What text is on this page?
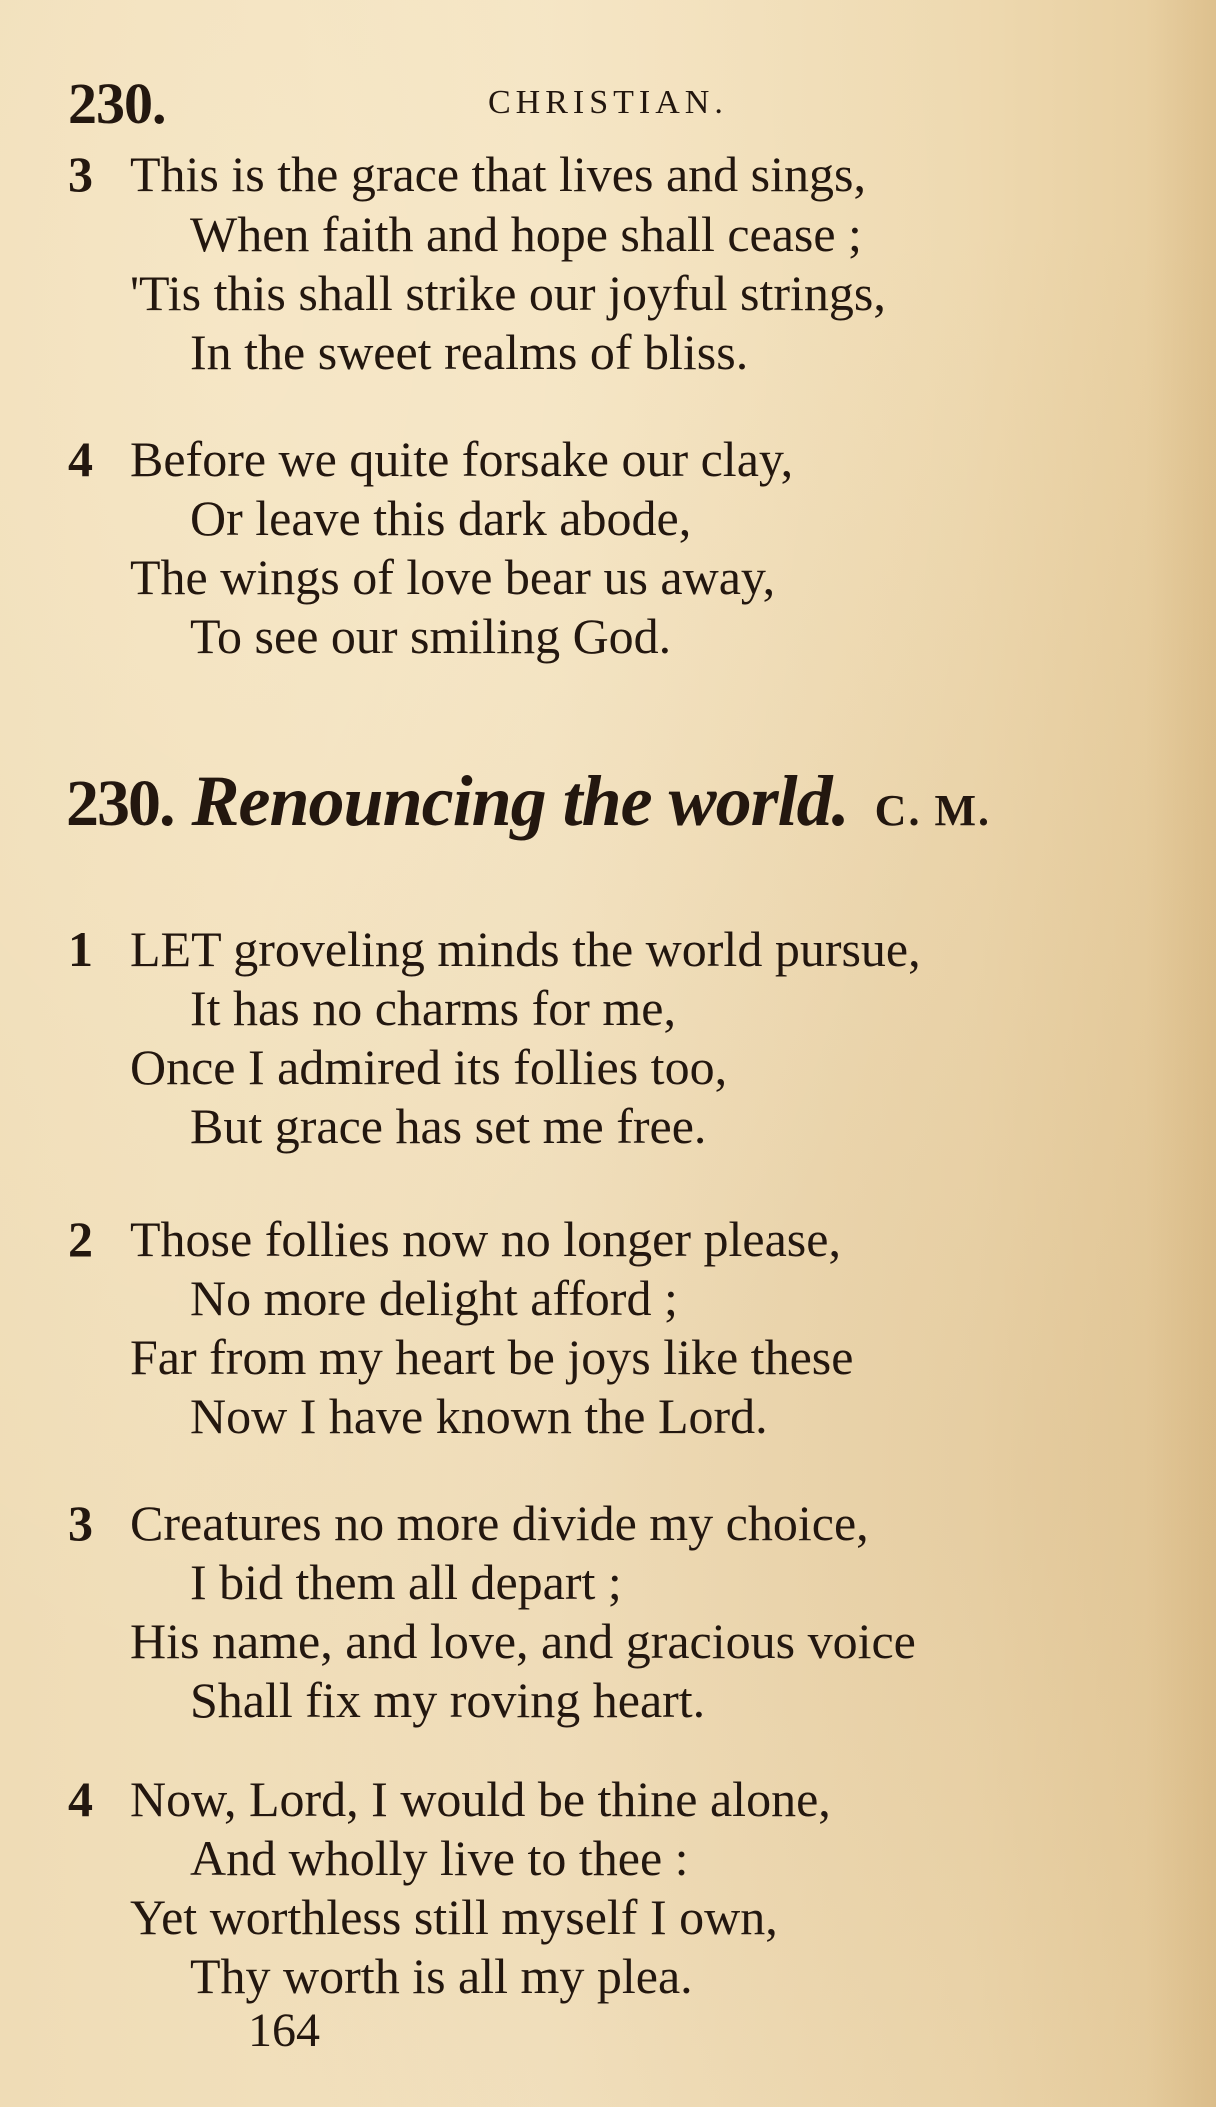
230.	CHRISTIAN.
3 This is the grace that lives and sings,
When faith and hope shall cease ;
'Tis this shall strike our joyful strings,
In the sweet realms of bliss.
4 Before we quite forsake our clay,
Or leave this dark abode,
The wings of love bear us away,
To see our smiling God.
230. Renouncing the world. C. M.
1 LET groveling minds the world pursue,
It has no charms for me,
Once I admired its follies too,
But grace has set me free.
2 Those follies now no longer please,
No more delight afford ;
Far from my heart be joys like these
Now I have known the Lord.
3 Creatures no more divide my choice,
I bid them all depart ;
His name, and love, and gracious voice
Shall fix my roving heart.
4 Now, Lord, I would be thine alone,
And wholly live to thee :
Yet worthless still myself I own,
Thy worth is all my plea.
164
